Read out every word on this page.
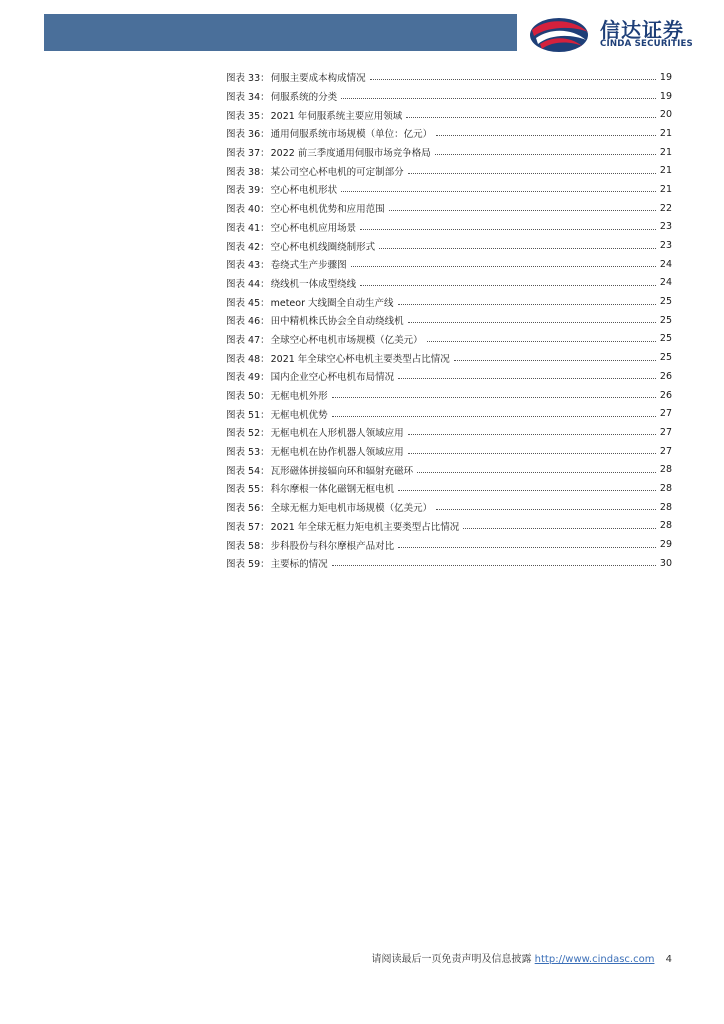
信达证券
CINDA SECURITIES
图表 33： 伺服主要成本构成情况	19
图表 34： 伺服系统的分类	19
图表 35： 2021 年伺服系统主要应用领域	20
图表 36： 通用伺服系统市场规模（单位：亿元）	21
图表 37： 2022 前三季度通用伺服市场竞争格局	21
图表 38： 某公司空心杯电机的可定制部分	21
图表 39： 空心杯电机形状	21
图表 40： 空心杯电机优势和应用范围	22
图表 41： 空心杯电机应用场景	23
图表 42： 空心杯电机线圈绕制形式	23
图表 43： 卷绕式生产步骤图	24
图表 44： 绕线机一体成型绕线	24
图表 45： meteor 大线圈全自动生产线	25
图表 46： 田中精机株氏协会全自动绕线机	25
图表 47： 全球空心杯电机市场规模（亿美元）	25
图表 48： 2021 年全球空心杯电机主要类型占比情况	25
图表 49： 国内企业空心杯电机布局情况	26
图表 50： 无框电机外形	26
图表 51： 无框电机优势	27
图表 52： 无框电机在人形机器人领域应用	27
图表 53： 无框电机在协作机器人领域应用	27
图表 54： 瓦形磁体拼接辐向环和辐射充磁环	28
图表 55： 科尔摩根一体化磁钢无框电机	28
图表 56： 全球无框力矩电机市场规模（亿美元）	28
图表 57： 2021 年全球无框力矩电机主要类型占比情况	28
图表 58： 步科股份与科尔摩根产品对比	29
图表 59： 主要标的情况	30
请阅读最后一页免责声明及信息披露 http://www.cindasc.com 4
